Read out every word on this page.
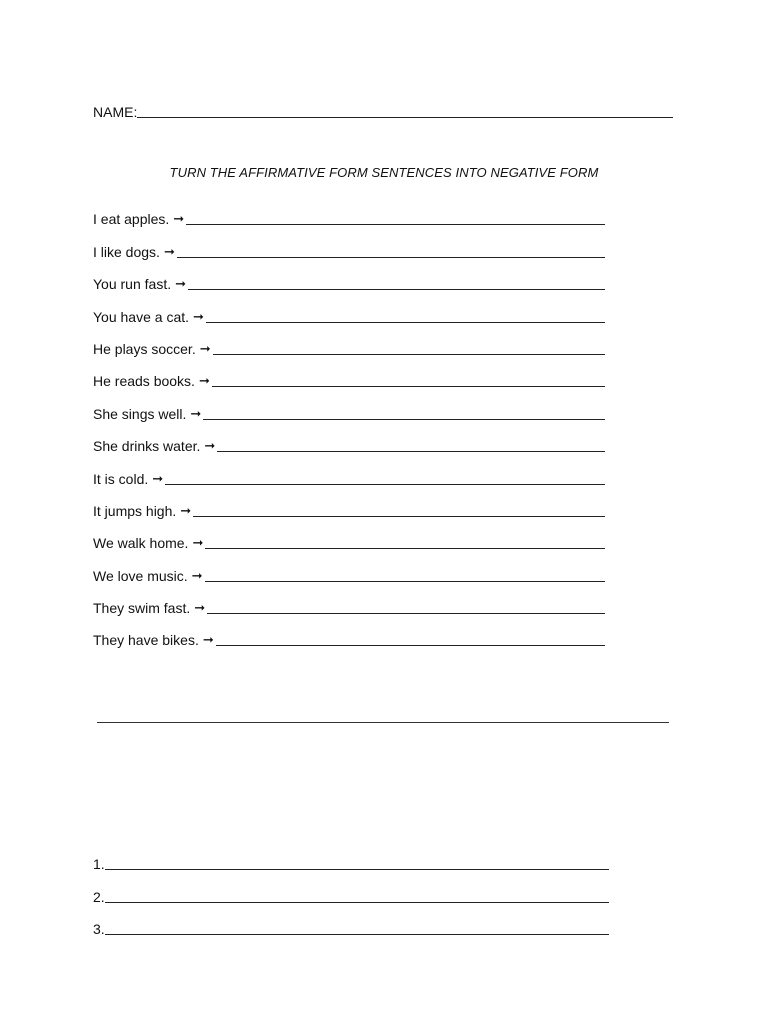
NAME:
TURN THE AFFIRMATIVE FORM SENTENCES INTO NEGATIVE FORM
I eat apples. ➞
I like dogs. ➞
You run fast. ➞
You have a cat. ➞
He plays soccer. ➞
He reads books. ➞
She sings well. ➞
She drinks water. ➞
It is cold. ➞
It jumps high. ➞
We walk home. ➞
We love music. ➞
They swim fast. ➞
They have bikes. ➞
1.
2.
3.
